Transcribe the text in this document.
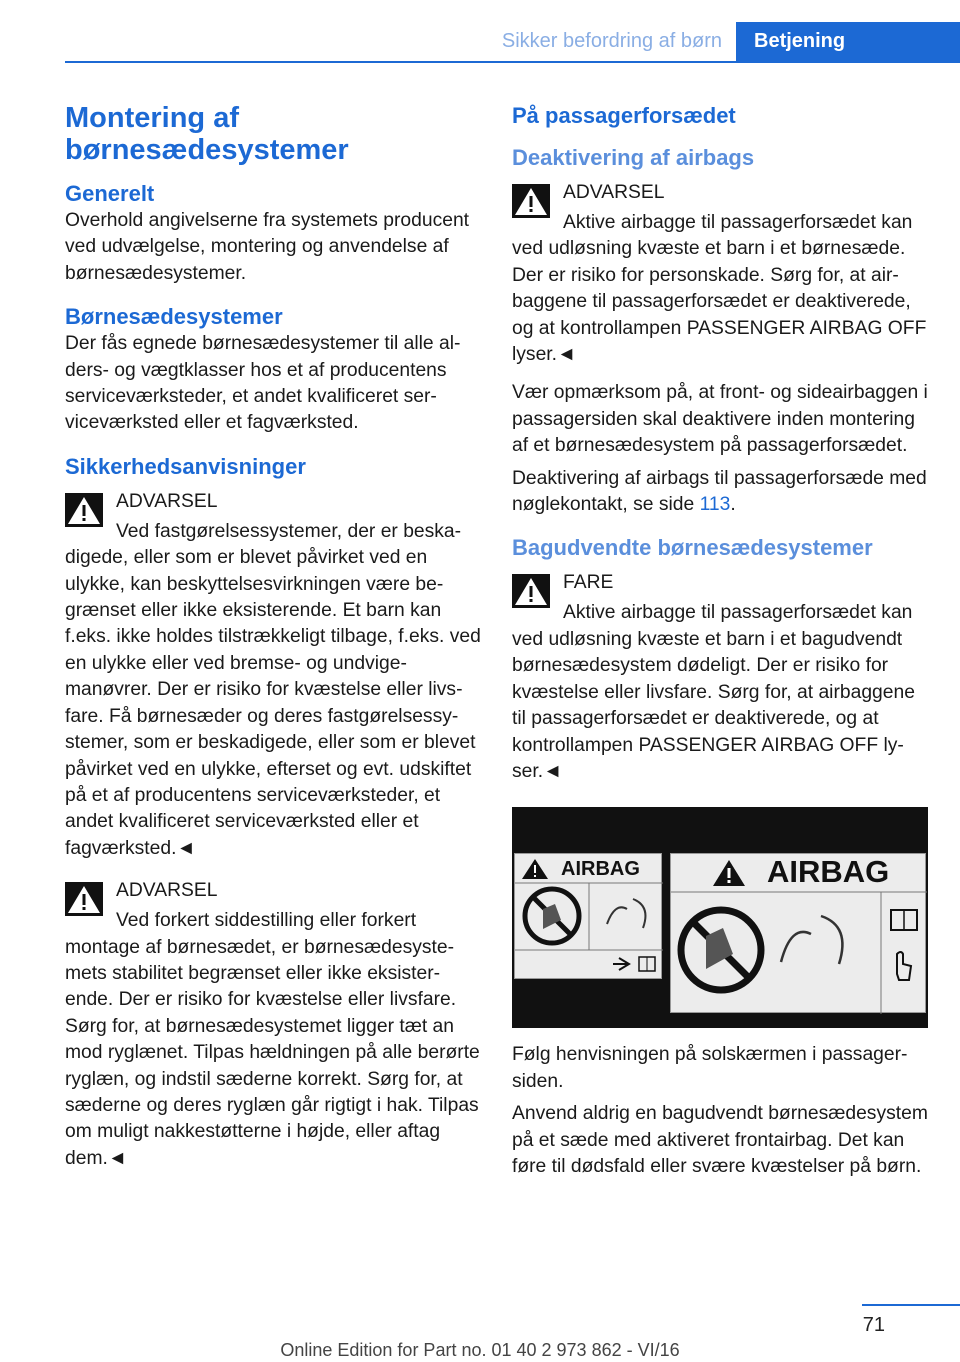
Sikker befordring af børn	Betjening
Montering af børnesædesystemer
Generelt

Overhold angivelserne fra systemets producent ved udvælgelse, montering og anvendelse af børnesædesystemer.

Børnesædesystemer

Der fås egnede børnesædesystemer til alle alders- og vægtklasser hos et af producentens serviceværksteder, et andet kvalificeret serviceværksted eller et fagværksted.

Sikkerhedsanvisninger
ADVARSEL

Ved fastgørelsessystemer, der er beskadigede, eller som er blevet påvirket ved en ulykke, kan beskyttelsesvirkningen være begrænset eller ikke eksisterende. Et barn kan f.eks. ikke holdes tilstrækkeligt tilbage, f.eks. ved en ulykke eller ved bremse- og undvigemanøvrer. Der er risiko for kvæstelse eller livsfare. Få børnesæder og deres fastgørelsessystemer, som er beskadigede, eller som er blevet påvirket ved en ulykke, efterset og evt. udskiftet på et af producentens serviceværksteder, et andet kvalificeret serviceværksted eller et fagværksted.◄

ADVARSEL

Ved forkert siddestilling eller forkert montage af børnesædet, er børnesædesystemets stabilitet begrænset eller ikke eksisterende. Der er risiko for kvæstelse eller livsfare. Sørg for, at børnesædesystemet ligger tæt an mod ryglænet. Tilpas hældningen på alle berørte ryglæn, og indstil sæderne korrekt. Sørg for, at sæderne og deres ryglæn går rigtigt i hak. Tilpas om muligt nakkestøtterne i højde, eller aftag dem.◄

På passagerforsædet
Deaktivering af airbags
ADVARSEL

Aktive airbagge til passagerforsædet kan ved udløsning kvæste et barn i et børnesæde. Der er risiko for personskade. Sørg for, at airbaggene til passagerforsædet er deaktiverede, og at kontrollampen PASSENGER AIRBAG OFF lyser.◄

Vær opmærksom på, at front- og sideairbaggen i passagersiden skal deaktivere inden montering af et børnesædesystem på passagerforsædet.

Deaktivering af airbags til passagerforsæde med nøglekontakt, se side 113.

Bagudvendte børnesædesystemer
FARE

Aktive airbagge til passagerforsædet kan ved udløsning kvæste et barn i et bagudvendt børnesædesystem dødeligt. Der er risiko for kvæstelse eller livsfare. Sørg for, at airbaggene til passagerforsædet er deaktiverede, og at kontrollampen PASSENGER AIRBAG OFF lyser.◄

AIRBAG	AIRBAG

Følg henvisningen på solskærmen i passagersiden.

Anvend aldrig en bagudvendt børnesædesystem på et sæde med aktiveret frontairbag. Det kan føre til dødsfald eller svære kvæstelser på børn.

71
Online Edition for Part no. 01 40 2 973 862 - VI/16
